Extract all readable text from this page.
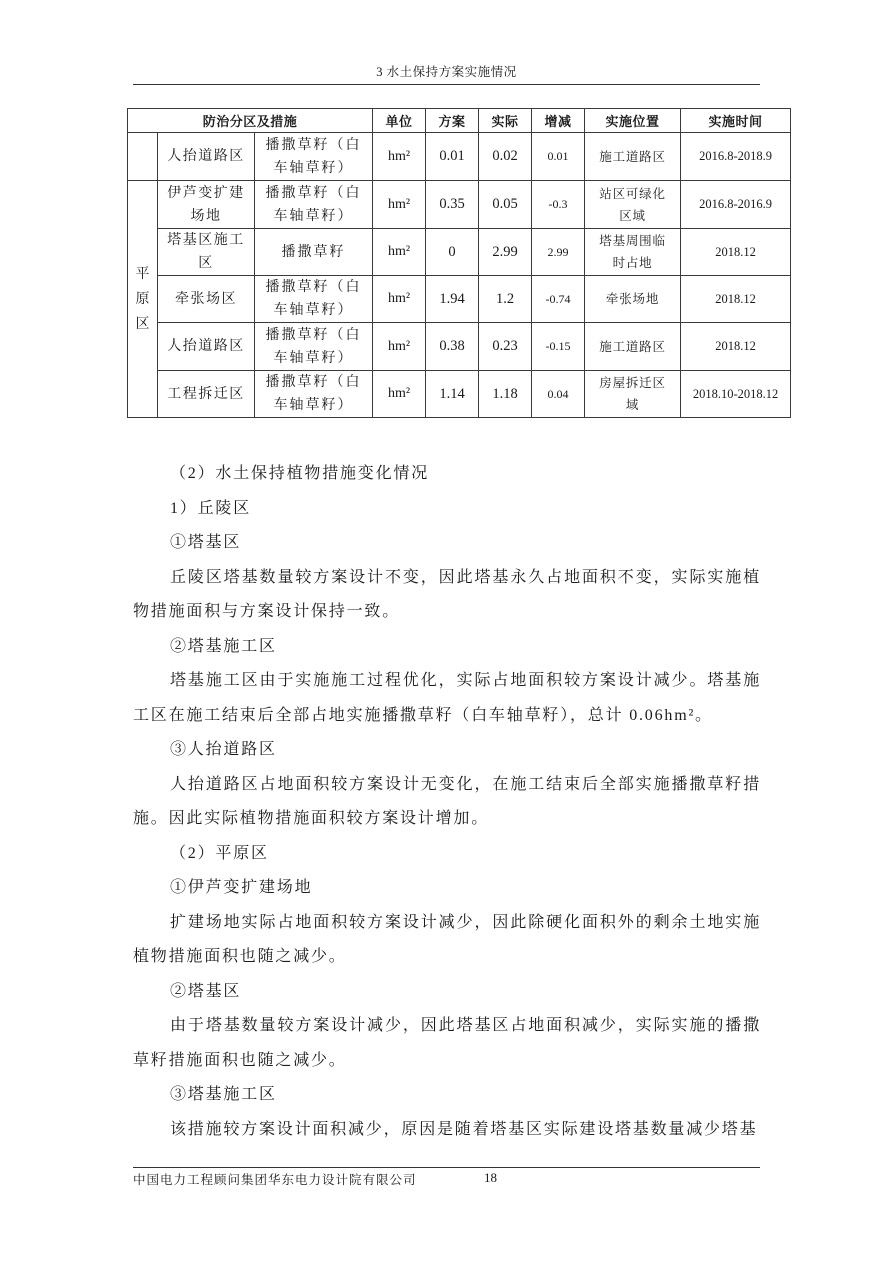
3 水土保持方案实施情况
防治分区及措施			单位	方案	实际	增减	实施位置	实施时间

	人抬道路区	播撒草籽（白车轴草籽）	hm²	0.01	0.02	0.01	施工道路区	2016.8-2018.9

平原区	伊芦变扩建场地	播撒草籽（白车轴草籽）	hm²	0.35	0.05	-0.3	站区可绿化区域	2016.8-2016.9

	塔基区施工区	播撒草籽	hm²	0	2.99	2.99	塔基周围临时占地	2018.12

	牵张场区	播撒草籽（白车轴草籽）	hm²	1.94	1.2	-0.74	牵张场地	2018.12

	人抬道路区	播撒草籽（白车轴草籽）	hm²	0.38	0.23	-0.15	施工道路区	2018.12

	工程拆迁区	播撒草籽（白车轴草籽）	hm²	1.14	1.18	0.04	房屋拆迁区域	2018.10-2018.12

（2）水土保持植物措施变化情况

1）丘陵区

①塔基区

丘陵区塔基数量较方案设计不变，因此塔基永久占地面积不变，实际实施植物措施面积与方案设计保持一致。

②塔基施工区

塔基施工区由于实施施工过程优化，实际占地面积较方案设计减少。塔基施工区在施工结束后全部占地实施播撒草籽（白车轴草籽），总计 0.06hm²。

③人抬道路区

人抬道路区占地面积较方案设计无变化，在施工结束后全部实施播撒草籽措施。因此实际植物措施面积较方案设计增加。

（2）平原区

①伊芦变扩建场地

扩建场地实际占地面积较方案设计减少，因此除硬化面积外的剩余土地实施植物措施面积也随之减少。

②塔基区

由于塔基数量较方案设计减少，因此塔基区占地面积减少，实际实施的播撒草籽措施面积也随之减少。

③塔基施工区

该措施较方案设计面积减少，原因是随着塔基区实际建设塔基数量减少塔基

中国电力工程顾问集团华东电力设计院有限公司	18
